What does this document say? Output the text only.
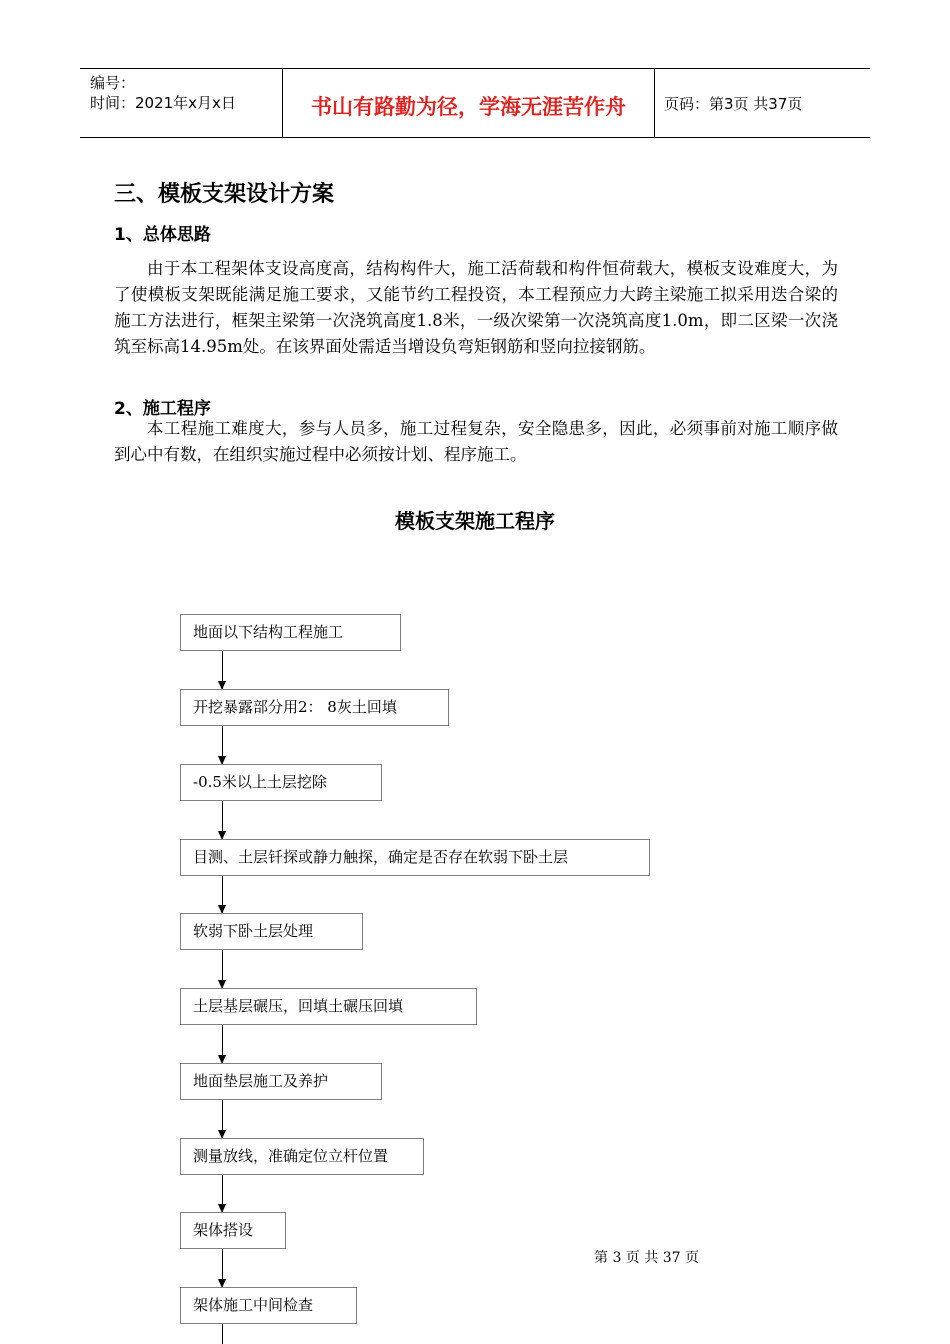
编号：
时间：2021年x月x日	书山有路勤为径，学海无涯苦作舟	页码：第3页 共37页
三、模板支架设计方案
1、总体思路

由于本工程架体支设高度高，结构构件大，施工活荷载和构件恒荷载大，模板支设难度大，为了使模板支架既能满足施工要求，又能节约工程投资，本工程预应力大跨主梁施工拟采用迭合梁的施工方法进行，框架主梁第一次浇筑高度1.8米，一级次梁第一次浇筑高度1.0m，即二区梁一次浇筑至标高14.95m处。在该界面处需适当增设负弯矩钢筋和竖向拉接钢筋。

2、施工程序

本工程施工难度大，参与人员多，施工过程复杂，安全隐患多，因此，必须事前对施工顺序做到心中有数，在组织实施过程中必须按计划、程序施工。

模板支架施工程序
地面以下结构工程施工
开挖暴露部分用2： 8灰土回填
-0.5米以上土层挖除
目测、土层钎探或静力触探，确定是否存在软弱下卧土层
软弱下卧土层处理
土层基层碾压，回填土碾压回填
地面垫层施工及养护
测量放线，准确定位立杆位置
架体搭设
架体施工中间检查
第 3 页 共 37 页
